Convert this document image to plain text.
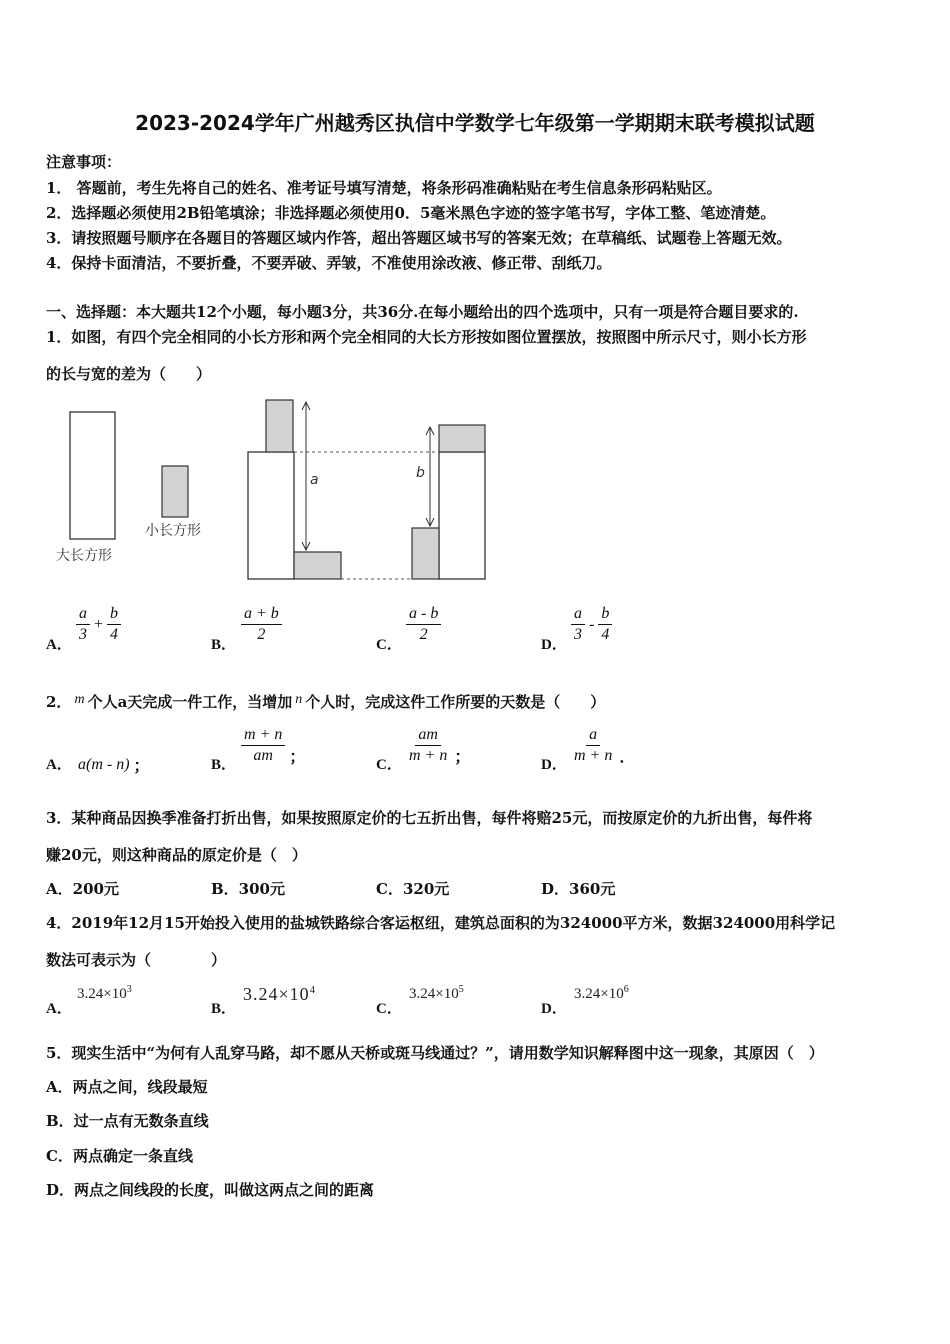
2023-2024学年广州越秀区执信中学数学七年级第一学期期末联考模拟试题
注意事项：
1． 答题前，考生先将自己的姓名、准考证号填写清楚，将条形码准确粘贴在考生信息条形码粘贴区。
2．选择题必须使用2B铅笔填涂；非选择题必须使用0．5毫米黑色字迹的签字笔书写，字体工整、笔迹清楚。
3．请按照题号顺序在各题目的答题区域内作答，超出答题区域书写的答案无效；在草稿纸、试题卷上答题无效。
4．保持卡面清洁，不要折叠，不要弄破、弄皱，不准使用涂改液、修正带、刮纸刀。
一、选择题：本大题共12个小题，每小题3分，共36分.在每小题给出的四个选项中，只有一项是符合题目要求的.
1．如图，有四个完全相同的小长方形和两个完全相同的大长方形按如图位置摆放，按照图中所示尺寸，则小长方形
的长与宽的差为（　　）
大长方形
小长方形
a	b
A． $\frac{a}{3} + \frac{b}{4}$	B． $\frac{a + b}{2}$	C． $\frac{a - b}{2}$	D． $\frac{a}{3} - \frac{b}{4}$
2． m 个人a天完成一件工作，当增加 n 个人时，完成这件工作所要的天数是（　　）
A． a(m - n) ；	B． $\frac{m + n}{am}$ ；	C． $\frac{am}{m + n}$ ；	D． $\frac{a}{m + n}$ ．
3．某种商品因换季准备打折出售，如果按照原定价的七五折出售，每件将赔25元，而按原定价的九折出售，每件将
赚20元，则这种商品的原定价是（　）
A．200元	B．300元	C．320元	D．360元
4．2019年12月15开始投入使用的盐城铁路综合客运枢纽，建筑总面积的为324000平方米，数据324000用科学记
数法可表示为（　　　　）
A．
$3.24\times 10^3$
B．
$3.24\times 10^4$
C．
$3.24\times 10^5$
D．
$3.24\times 10^6$
5．现实生活中“为何有人乱穿马路，却不愿从天桥或斑马线通过？”，请用数学知识解释图中这一现象，其原因（　）
A．两点之间，线段最短
B．过一点有无数条直线
C．两点确定一条直线
D．两点之间线段的长度，叫做这两点之间的距离
